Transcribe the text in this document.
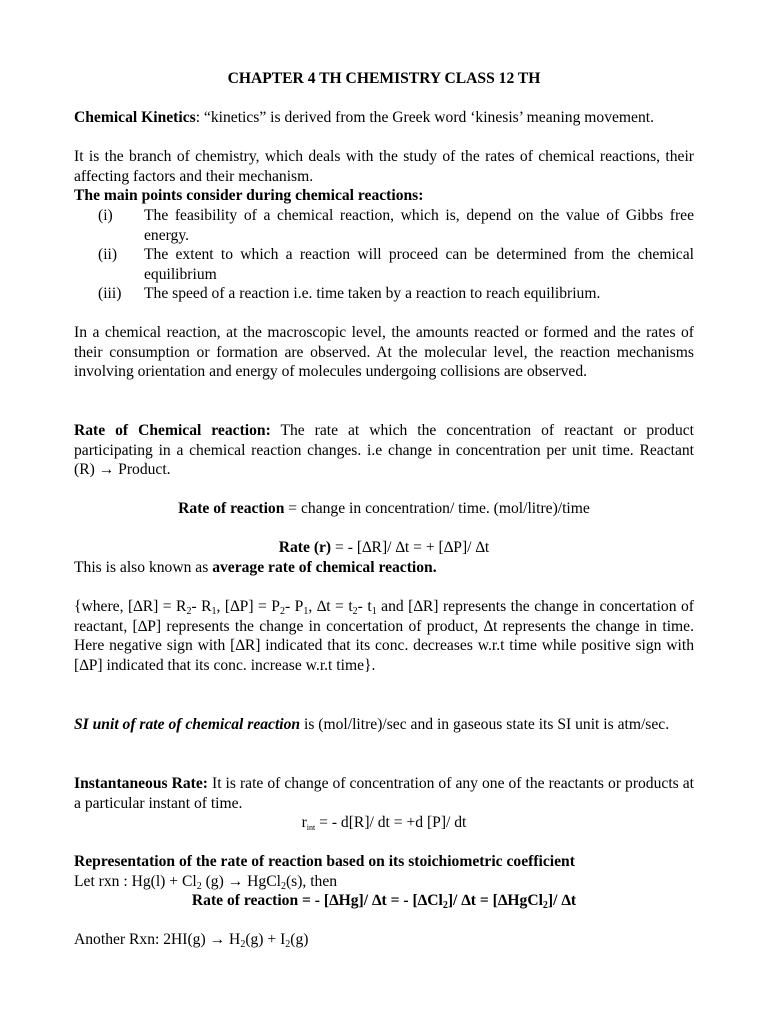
CHAPTER 4 TH CHEMISTRY CLASS 12 TH

Chemical Kinetics: “kinetics” is derived from the Greek word ‘kinesis’ meaning movement.

It is the branch of chemistry, which deals with the study of the rates of chemical reactions, their affecting factors and their mechanism.

The main points consider during chemical reactions:

(i) The feasibility of a chemical reaction, which is, depend on the value of Gibbs free energy.
(ii) The extent to which a reaction will proceed can be determined from the chemical equilibrium
(iii) The speed of a reaction i.e. time taken by a reaction to reach equilibrium.

In a chemical reaction, at the macroscopic level, the amounts reacted or formed and the rates of their consumption or formation are observed. At the molecular level, the reaction mechanisms involving orientation and energy of molecules undergoing collisions are observed.

Rate of Chemical reaction: The rate at which the concentration of reactant or product participating in a chemical reaction changes. i.e change in concentration per unit time. Reactant (R) → Product.

Rate of reaction = change in concentration/ time. (mol/litre)/time

Rate (r) = - [∆R]/ ∆t = + [∆P]/ ∆t

This is also known as average rate of chemical reaction.

{where, $[\Delta R] = R_2-$ $R_1$, $[\Delta P] = P_2-$ $P_1$, $\Delta t = t_2-$ $t_1$ and [∆R] represents the change in concertation of reactant, [∆P] represents the change in concertation of product, ∆t represents the change in time. Here negative sign with [∆R] indicated that its conc. decreases w.r.t time while positive sign with [∆P] indicated that its conc. increase w.r.t time}.

SI unit of rate of chemical reaction is (mol/litre)/sec and in gaseous state its SI unit is atm/sec.

Instantaneous Rate: It is rate of change of concentration of any one of the reactants or products at a particular instant of time.

$r_{int}$ = - d[R]/ dt = +d [P]/ dt

Representation of the rate of reaction based on its stoichiometric coefficient

Let rxn : $Hg(l) + Cl_2$ (g) → HgCl$_2$(s), then

Rate of reaction = - [∆Hg]/ ∆t = - $[\Delta Cl_2]/$ ∆t = [∆HgCl$_2$]/ ∆t

Another Rxn: $2HI(g) \to H_2(g) + I_2(g)$
